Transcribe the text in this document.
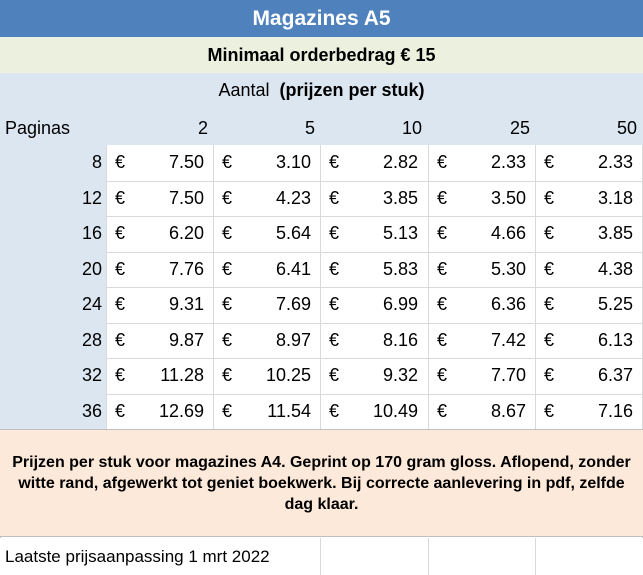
Magazines A5
Minimaal orderbedrag € 15
Aantal (prijzen per stuk)
Paginas	2	5	10	25	50
8 €	7.50 €	3.10 €	2.82 €	2.33 €	2.33
12 €	7.50 €	4.23 €	3.85 €	3.50 €	3.18
16 €	6.20 €	5.64 €	5.13 €	4.66 €	3.85
20 €	7.76 €	6.41 €	5.83 €	5.30 €	4.38
24 €	9.31 €	7.69 €	6.99 €	6.36 €	5.25
28 €	9.87 €	8.97 €	8.16 €	7.42 €	6.13
32 €	11.28 €	10.25 €	9.32 €	7.70 €	6.37
36 €	12.69 €	11.54 €	10.49 €	8.67 €	7.16
Prijzen per stuk voor magazines A4. Geprint op 170 gram gloss. Aflopend, zonder witte rand, afgewerkt tot geniet boekwerk. Bij correcte aanlevering in pdf, zelfde dag klaar.
Laatste prijsaanpassing 1 mrt 2022
